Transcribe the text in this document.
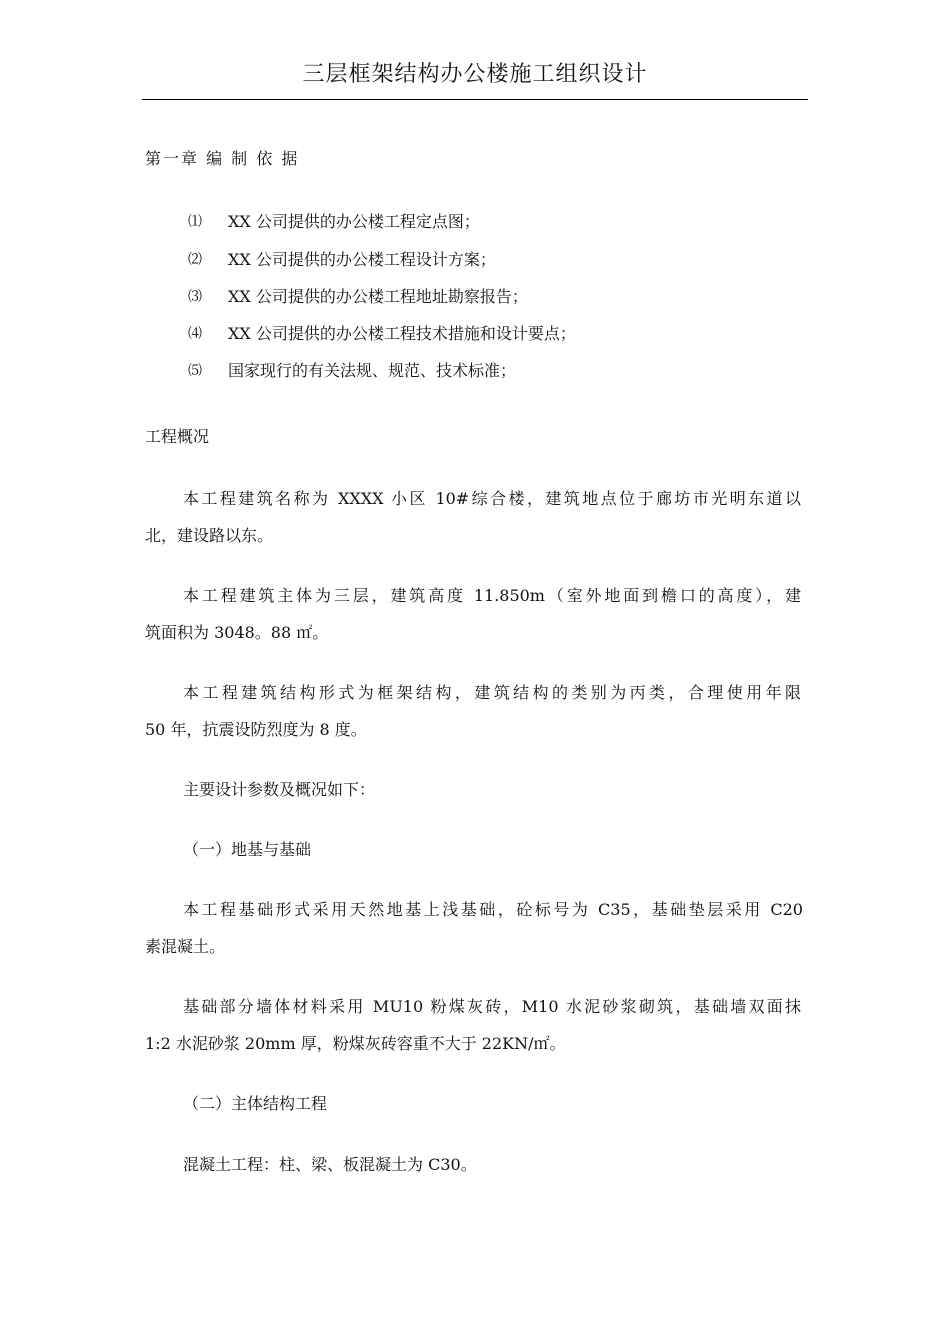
三层框架结构办公楼施工组织设计
第一章 编 制 依 据
⑴ XX 公司提供的办公楼工程定点图；
⑵ XX 公司提供的办公楼工程设计方案；
⑶ XX 公司提供的办公楼工程地址勘察报告；
⑷ XX 公司提供的办公楼工程技术措施和设计要点；
⑸ 国家现行的有关法规、规范、技术标准；
工程概况
本工程建筑名称为 XXXX 小区 10#综合楼，建筑地点位于廊坊市光明东道以
北，建设路以东。
本工程建筑主体为三层，建筑高度 11.850m（室外地面到檐口的高度），建
筑面积为 3048。88 ㎡。
本工程建筑结构形式为框架结构，建筑结构的类别为丙类，合理使用年限
50 年，抗震设防烈度为 8 度。
主要设计参数及概况如下：
（一）地基与基础
本工程基础形式采用天然地基上浅基础，砼标号为 C35，基础垫层采用 C20
素混凝土。
基础部分墙体材料采用 MU10 粉煤灰砖，M10 水泥砂浆砌筑，基础墙双面抹
1:2 水泥砂浆 20mm 厚，粉煤灰砖容重不大于 22KN/㎡。
（二）主体结构工程
混凝土工程：柱、梁、板混凝土为 C30。
